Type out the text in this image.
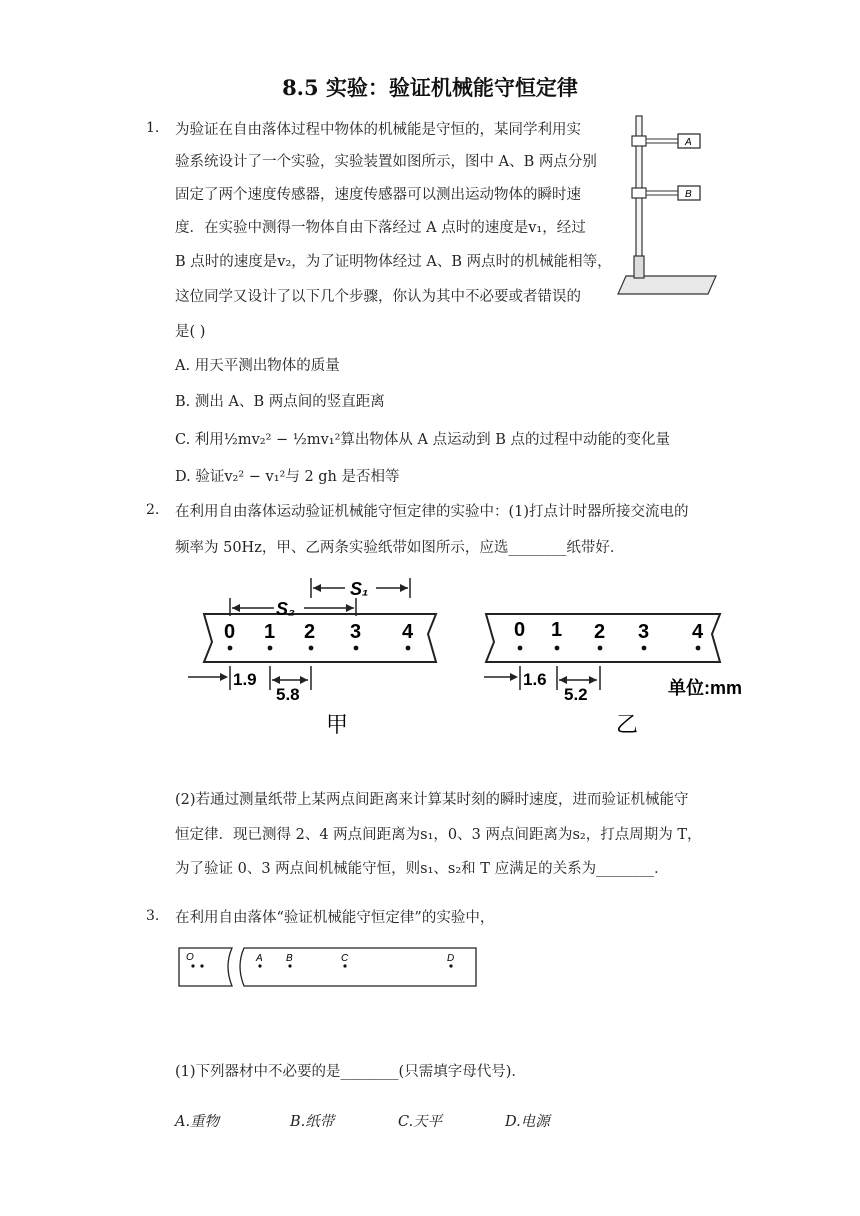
8.5 实验：验证机械能守恒定律
1. 为验证在自由落体过程中物体的机械能是守恒的，某同学利用实
验系统设计了一个实验，实验装置如图所示，图中 A、B 两点分别
固定了两个速度传感器，速度传感器可以测出运动物体的瞬时速
度．在实验中测得一物体自由下落经过 A 点时的速度是v₁，经过
B 点时的速度是v₂，为了证明物体经过 A、B 两点时的机械能相等，
这位同学又设计了以下几个步骤，你认为其中不必要或者错误的
是( )
A
B
A. 用天平测出物体的质量
B. 测出 A、B 两点间的竖直距离
C. 利用½mv₂² − ½mv₁²算出物体从 A 点运动到 B 点的过程中动能的变化量
D. 验证v₂² − v₁²与 2 gh 是否相等
2. 在利用自由落体运动验证机械能守恒定律的实验中：(1)打点计时器所接交流电的
频率为 50Hz，甲、乙两条实验纸带如图所示，应选________纸带好．
0 1 2 3 4
S₁
S₂
1.9
5.8
甲
0 1 2 3 4
1.6
5.2	单位:mm
乙
(2)若通过测量纸带上某两点间距离来计算某时刻的瞬时速度，进而验证机械能守
恒定律．现已测得 2、4 两点间距离为s₁，0、3 两点间距离为s₂，打点周期为 T，
为了验证 0、3 两点间机械能守恒，则s₁、s₂和 T 应满足的关系为________．
3. 在利用自由落体“验证机械能守恒定律”的实验中，
O	A B	C	D
(1)下列器材中不必要的是________(只需填字母代号)．
A.重物	B.纸带	C.天平	D.电源
